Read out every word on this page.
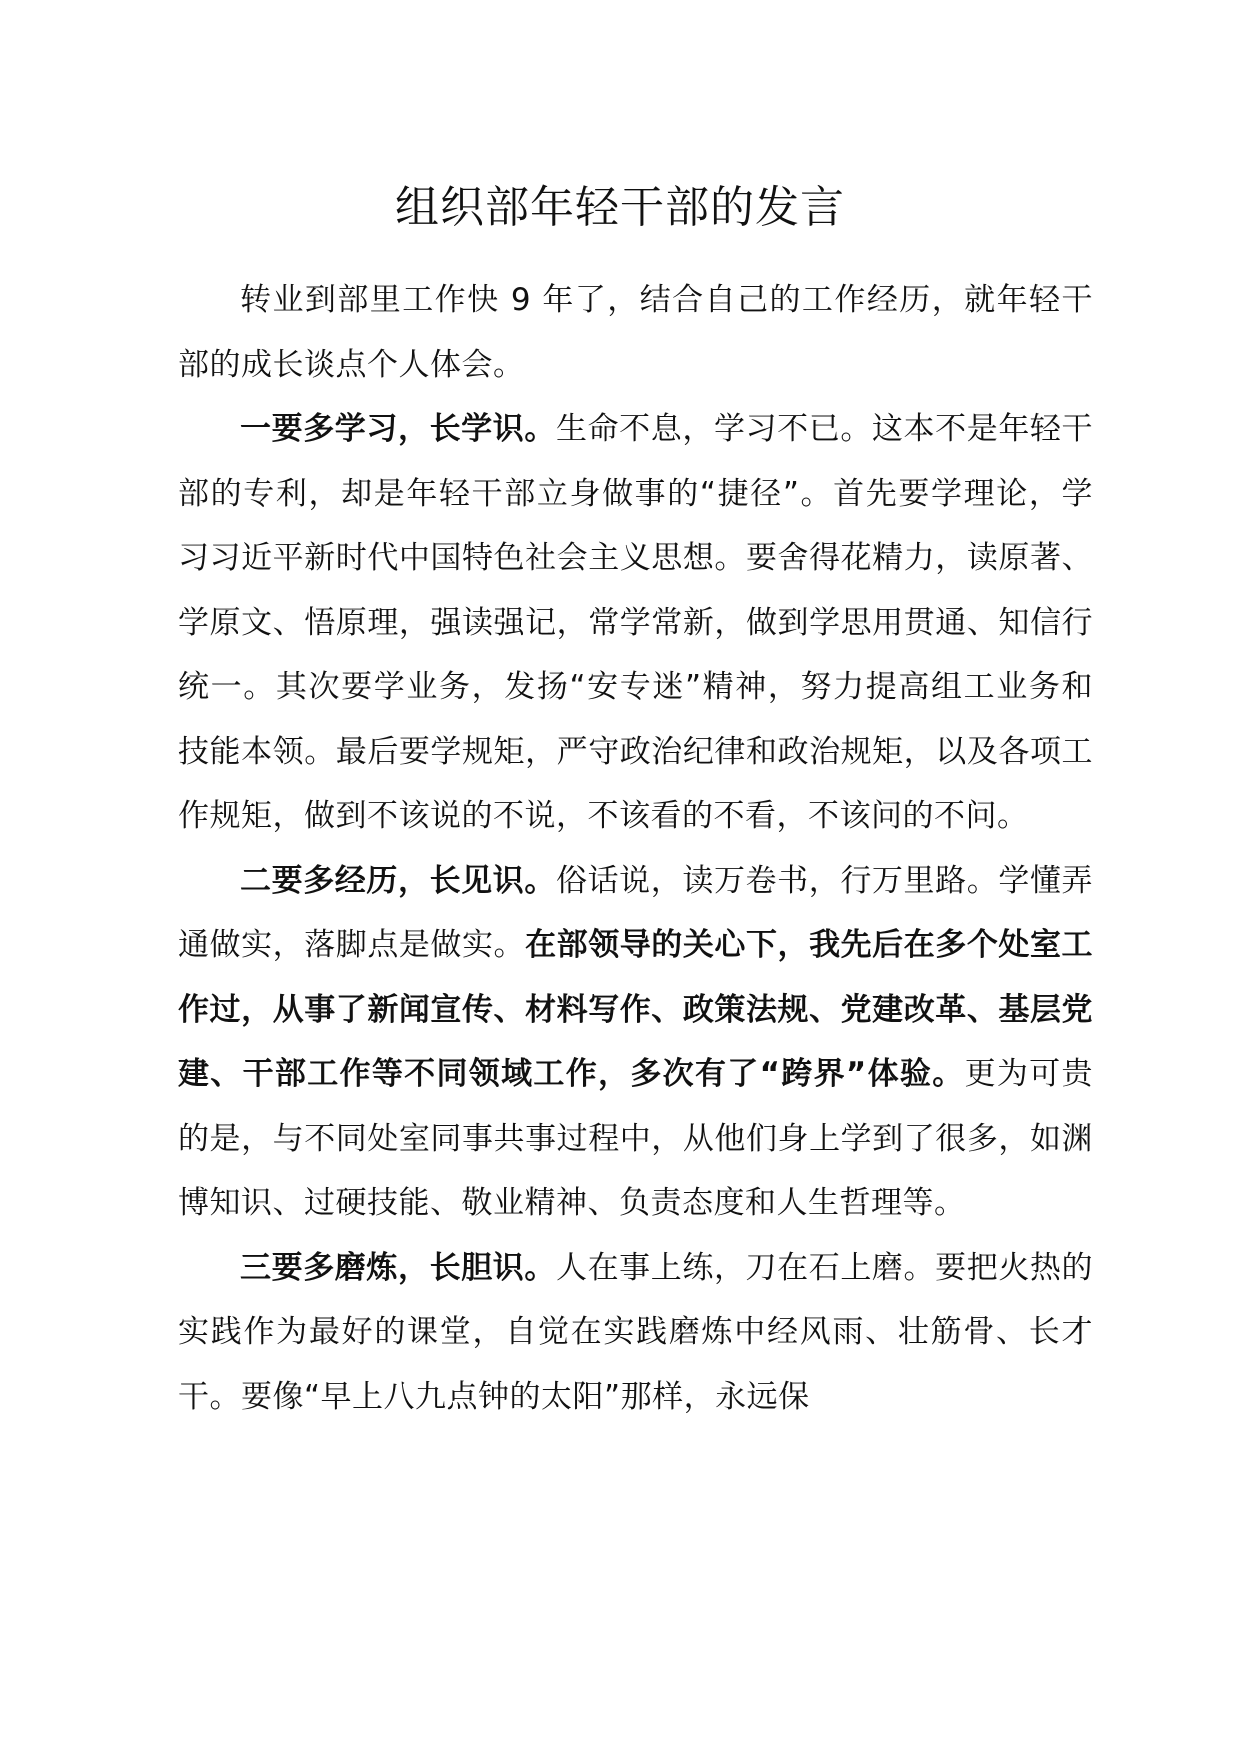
组织部年轻干部的发言

转业到部里工作快 9 年了，结合自己的工作经历，就年轻干部的成长谈点个人体会。

一要多学习，长学识。生命不息，学习不已。这本不是年轻干部的专利，却是年轻干部立身做事的“捷径”。首先要学理论，学习习近平新时代中国特色社会主义思想。要舍得花精力，读原著、学原文、悟原理，强读强记，常学常新，做到学思用贯通、知信行统一。其次要学业务，发扬“安专迷”精神，努力提高组工业务和技能本领。最后要学规矩，严守政治纪律和政治规矩，以及各项工作规矩，做到不该说的不说，不该看的不看，不该问的不问。

二要多经历，长见识。俗话说，读万卷书，行万里路。学懂弄通做实，落脚点是做实。在部领导的关心下，我先后在多个处室工作过，从事了新闻宣传、材料写作、政策法规、党建改革、基层党建、干部工作等不同领域工作，多次有了“跨界”体验。更为可贵的是，与不同处室同事共事过程中，从他们身上学到了很多，如渊博知识、过硬技能、敬业精神、负责态度和人生哲理等。

三要多磨炼，长胆识。人在事上练，刀在石上磨。要把火热的实践作为最好的课堂，自觉在实践磨炼中经风雨、壮筋骨、长才干。要像“早上八九点钟的太阳”那样，永远保
